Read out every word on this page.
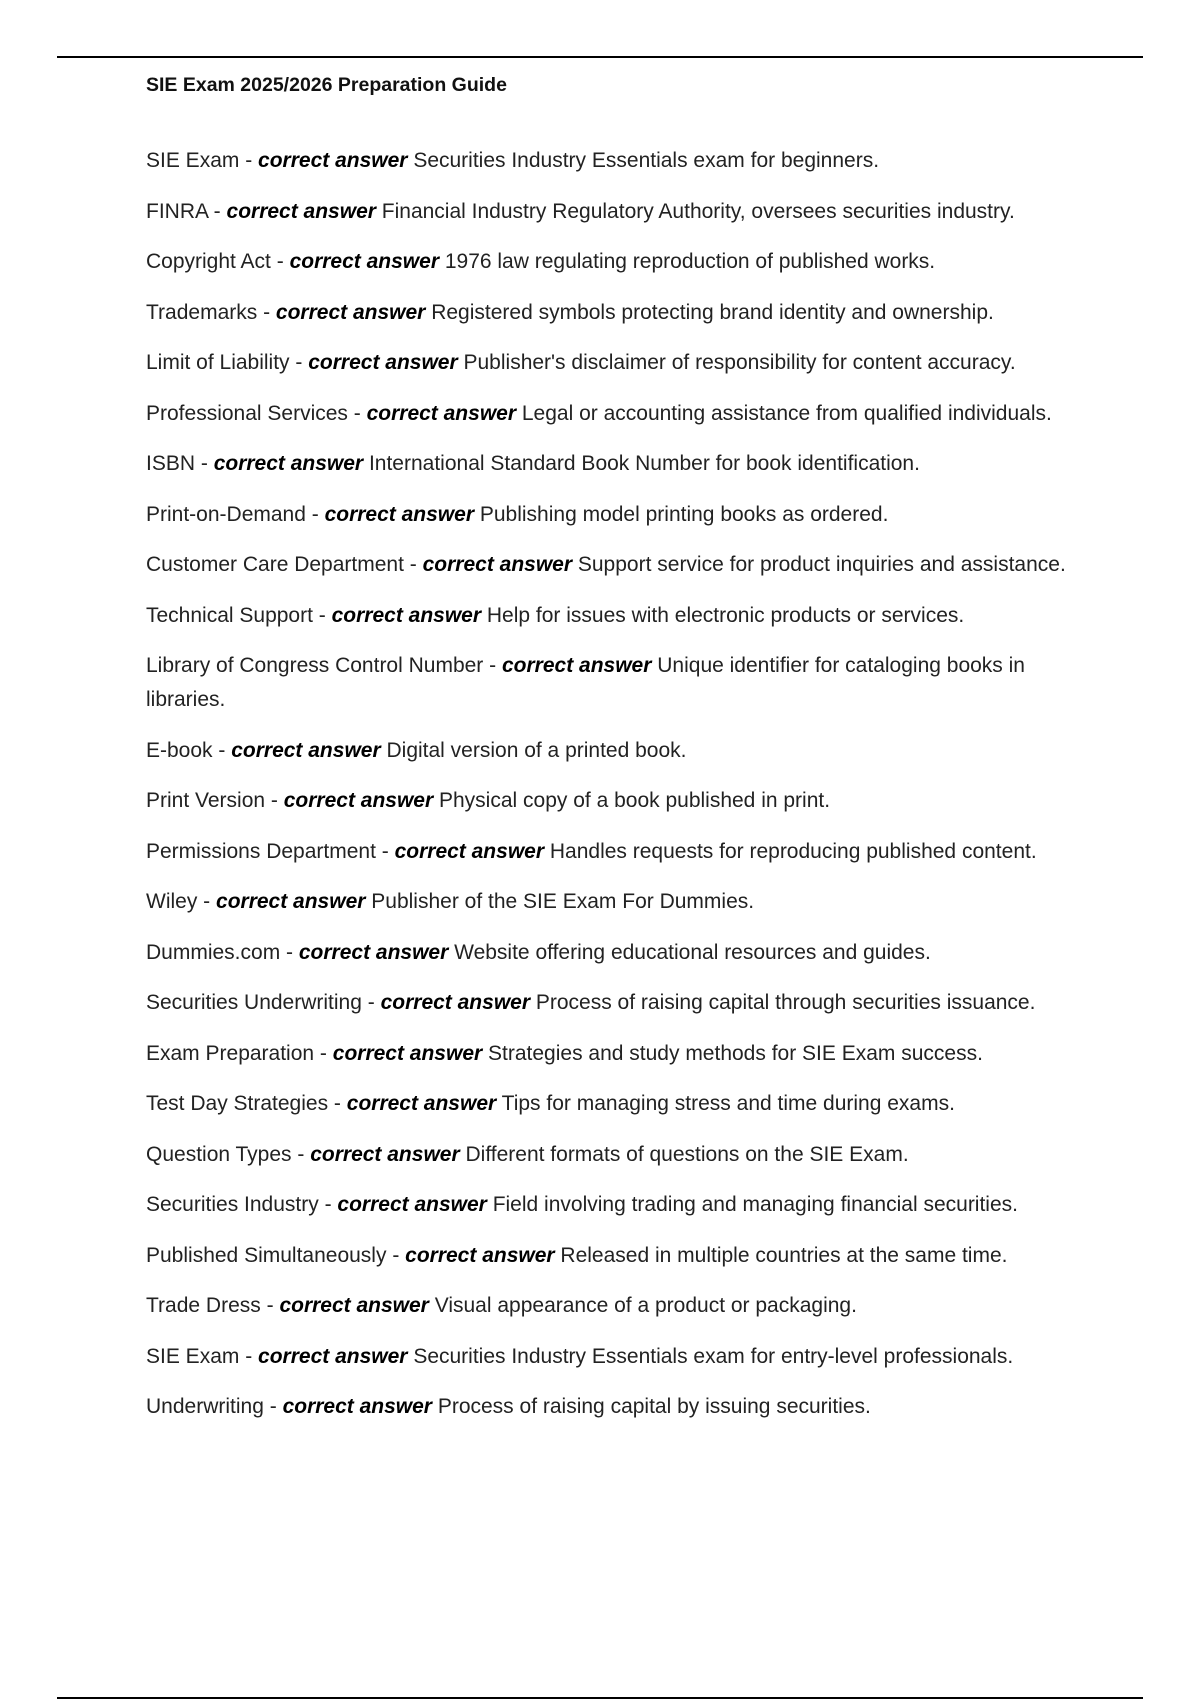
SIE Exam 2025/2026 Preparation Guide
SIE Exam - correct answer Securities Industry Essentials exam for beginners.
FINRA - correct answer Financial Industry Regulatory Authority, oversees securities industry.
Copyright Act - correct answer 1976 law regulating reproduction of published works.
Trademarks - correct answer Registered symbols protecting brand identity and ownership.
Limit of Liability - correct answer Publisher's disclaimer of responsibility for content accuracy.
Professional Services - correct answer Legal or accounting assistance from qualified individuals.
ISBN - correct answer International Standard Book Number for book identification.
Print-on-Demand - correct answer Publishing model printing books as ordered.
Customer Care Department - correct answer Support service for product inquiries and assistance.
Technical Support - correct answer Help for issues with electronic products or services.
Library of Congress Control Number - correct answer Unique identifier for cataloging books in libraries.
E-book - correct answer Digital version of a printed book.
Print Version - correct answer Physical copy of a book published in print.
Permissions Department - correct answer Handles requests for reproducing published content.
Wiley - correct answer Publisher of the SIE Exam For Dummies.
Dummies.com - correct answer Website offering educational resources and guides.
Securities Underwriting - correct answer Process of raising capital through securities issuance.
Exam Preparation - correct answer Strategies and study methods for SIE Exam success.
Test Day Strategies - correct answer Tips for managing stress and time during exams.
Question Types - correct answer Different formats of questions on the SIE Exam.
Securities Industry - correct answer Field involving trading and managing financial securities.
Published Simultaneously - correct answer Released in multiple countries at the same time.
Trade Dress - correct answer Visual appearance of a product or packaging.
SIE Exam - correct answer Securities Industry Essentials exam for entry-level professionals.
Underwriting - correct answer Process of raising capital by issuing securities.
